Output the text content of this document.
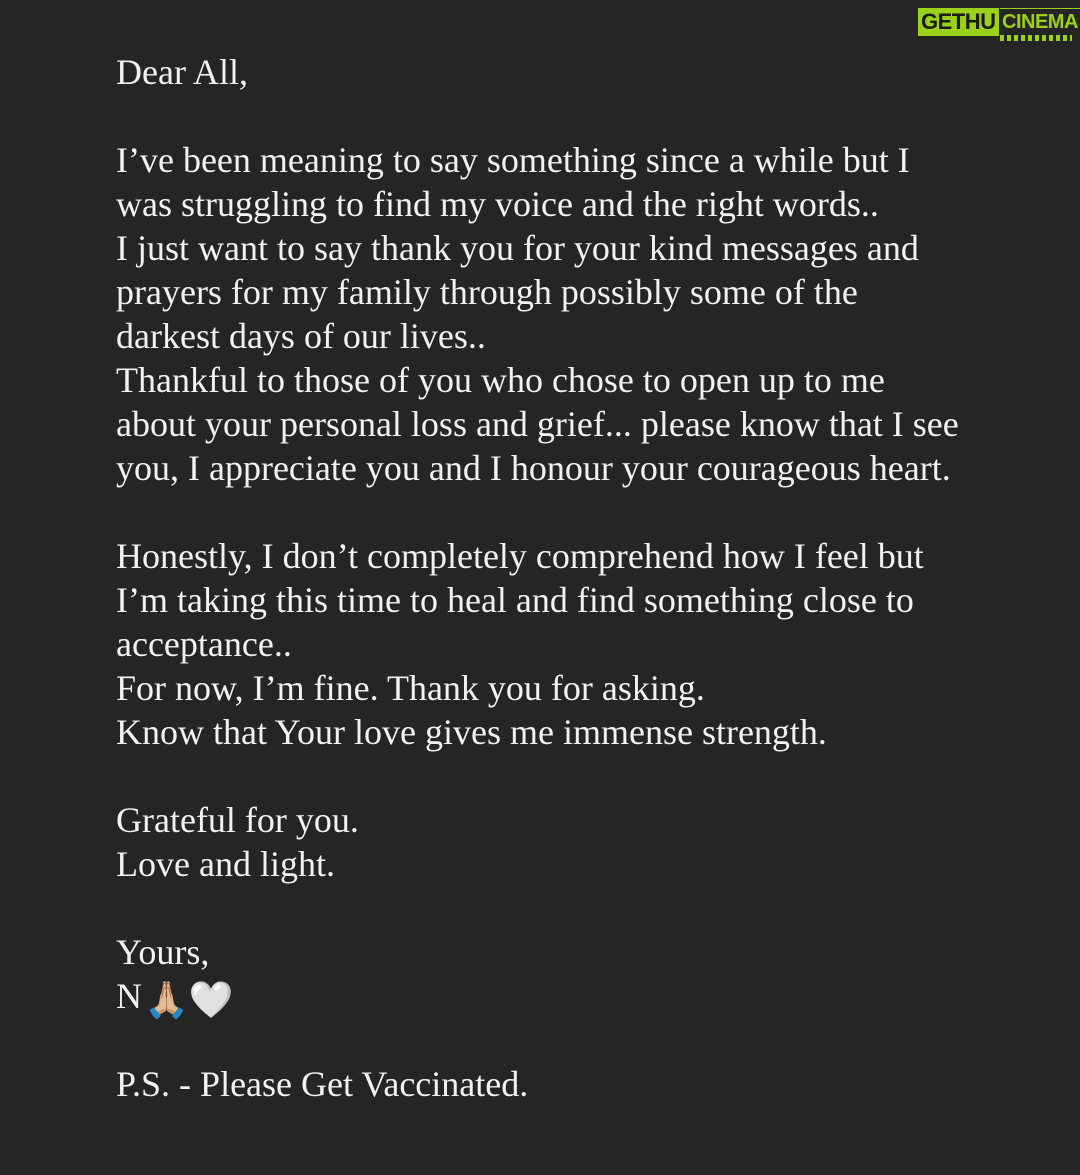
GETHU CINEMA
Dear All,
I’ve been meaning to say something since a while but I
was struggling to find my voice and the right words..
I just want to say thank you for your kind messages and
prayers for my family through possibly some of the
darkest days of our lives..
Thankful to those of you who chose to open up to me
about your personal loss and grief... please know that I see
you, I appreciate you and I honour your courageous heart.
Honestly, I don’t completely comprehend how I feel but
I’m taking this time to heal and find something close to
acceptance..
For now, I’m fine. Thank you for asking.
Know that Your love gives me immense strength.
Grateful for you.
Love and light.
Yours,
N🙏🏼🤍
P.S. - Please Get Vaccinated.
